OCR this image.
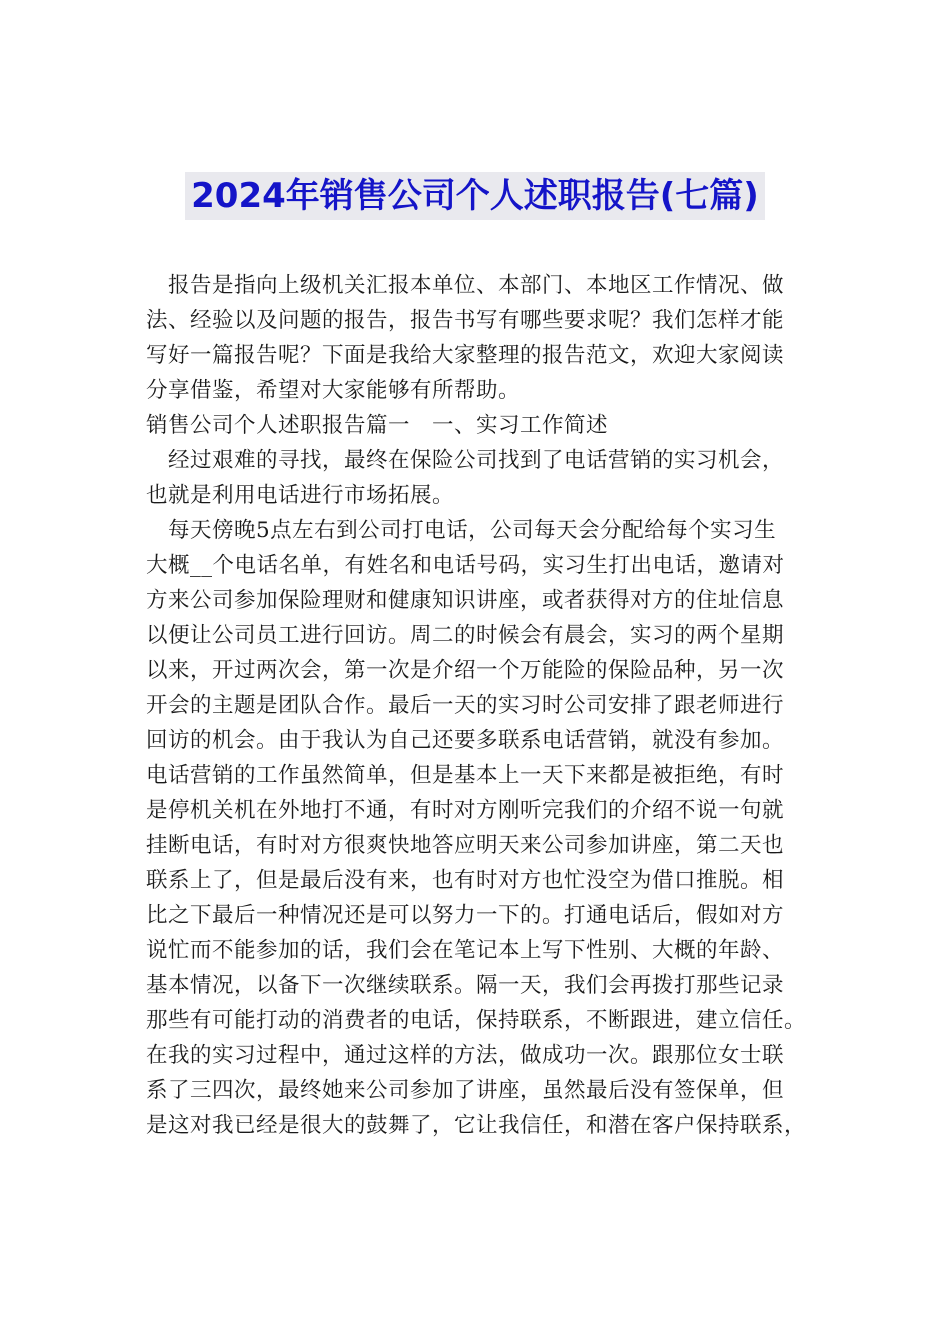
2024年销售公司个人述职报告(七篇)
报告是指向上级机关汇报本单位、本部门、本地区工作情况、做
法、经验以及问题的报告，报告书写有哪些要求呢？我们怎样才能
写好一篇报告呢？下面是我给大家整理的报告范文，欢迎大家阅读
分享借鉴，希望对大家能够有所帮助。
销售公司个人述职报告篇一　一、实习工作简述
经过艰难的寻找，最终在保险公司找到了电话营销的实习机会，
也就是利用电话进行市场拓展。
每天傍晚5点左右到公司打电话，公司每天会分配给每个实习生
大概__个电话名单，有姓名和电话号码，实习生打出电话，邀请对
方来公司参加保险理财和健康知识讲座，或者获得对方的住址信息
以便让公司员工进行回访。周二的时候会有晨会，实习的两个星期
以来，开过两次会，第一次是介绍一个万能险的保险品种，另一次
开会的主题是团队合作。最后一天的实习时公司安排了跟老师进行
回访的机会。由于我认为自己还要多联系电话营销，就没有参加。
电话营销的工作虽然简单，但是基本上一天下来都是被拒绝，有时
是停机关机在外地打不通，有时对方刚听完我们的介绍不说一句就
挂断电话，有时对方很爽快地答应明天来公司参加讲座，第二天也
联系上了，但是最后没有来，也有时对方也忙没空为借口推脱。相
比之下最后一种情况还是可以努力一下的。打通电话后，假如对方
说忙而不能参加的话，我们会在笔记本上写下性别、大概的年龄、
基本情况，以备下一次继续联系。隔一天，我们会再拨打那些记录
那些有可能打动的消费者的电话，保持联系，不断跟进，建立信任。
在我的实习过程中，通过这样的方法，做成功一次。跟那位女士联
系了三四次，最终她来公司参加了讲座，虽然最后没有签保单，但
是这对我已经是很大的鼓舞了，它让我信任，和潜在客户保持联系，
